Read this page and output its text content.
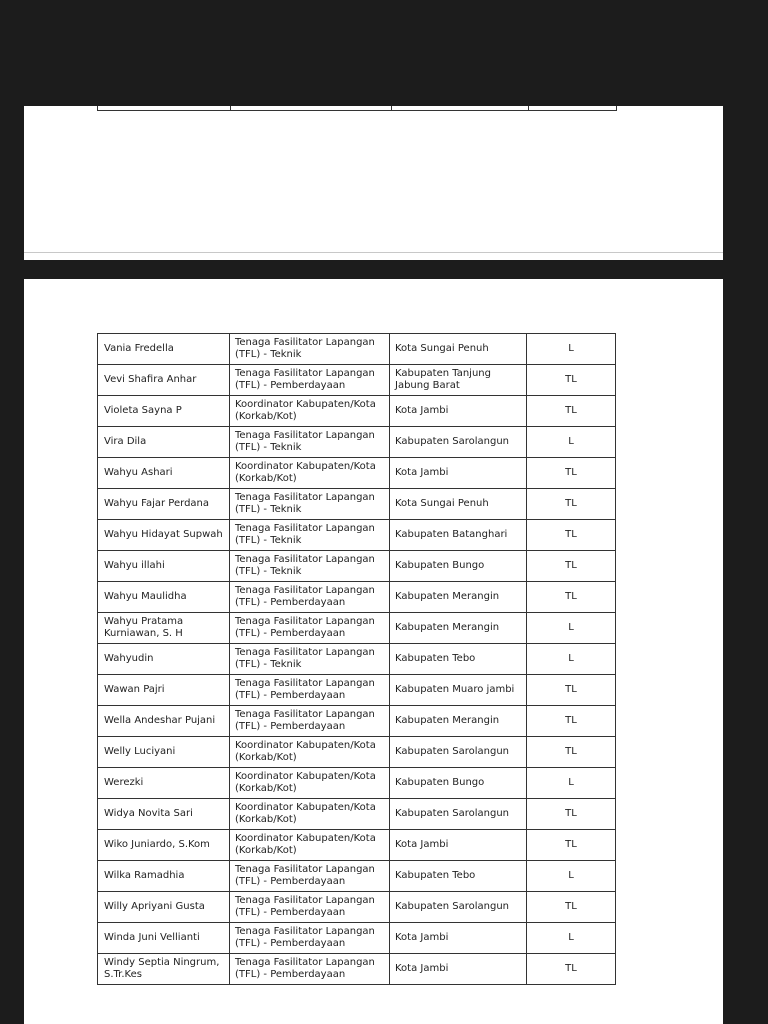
Vania Fredella	Tenaga Fasilitator Lapangan (TFL) - Teknik	Kota Sungai Penuh	L
Vevi Shafira Anhar	Tenaga Fasilitator Lapangan (TFL) - Pemberdayaan	Kabupaten Tanjung Jabung Barat	TL
Violeta Sayna P	Koordinator Kabupaten/Kota (Korkab/Kot)	Kota Jambi	TL
Vira Dila	Tenaga Fasilitator Lapangan (TFL) - Teknik	Kabupaten Sarolangun	L
Wahyu Ashari	Koordinator Kabupaten/Kota (Korkab/Kot)	Kota Jambi	TL
Wahyu Fajar Perdana	Tenaga Fasilitator Lapangan (TFL) - Teknik	Kota Sungai Penuh	TL
Wahyu Hidayat Supwah	Tenaga Fasilitator Lapangan (TFL) - Teknik	Kabupaten Batanghari	TL
Wahyu illahi	Tenaga Fasilitator Lapangan (TFL) - Teknik	Kabupaten Bungo	TL
Wahyu Maulidha	Tenaga Fasilitator Lapangan (TFL) - Pemberdayaan	Kabupaten Merangin	TL
Wahyu Pratama Kurniawan, S. H	Tenaga Fasilitator Lapangan (TFL) - Pemberdayaan	Kabupaten Merangin	L
Wahyudin	Tenaga Fasilitator Lapangan (TFL) - Teknik	Kabupaten Tebo	L
Wawan Pajri	Tenaga Fasilitator Lapangan (TFL) - Pemberdayaan	Kabupaten Muaro jambi	TL
Wella Andeshar Pujani	Tenaga Fasilitator Lapangan (TFL) - Pemberdayaan	Kabupaten Merangin	TL
Welly Luciyani	Koordinator Kabupaten/Kota (Korkab/Kot)	Kabupaten Sarolangun	TL
Werezki	Koordinator Kabupaten/Kota (Korkab/Kot)	Kabupaten Bungo	L
Widya Novita Sari	Koordinator Kabupaten/Kota (Korkab/Kot)	Kabupaten Sarolangun	TL
Wiko Juniardo, S.Kom	Koordinator Kabupaten/Kota (Korkab/Kot)	Kota Jambi	TL
Wilka Ramadhia	Tenaga Fasilitator Lapangan (TFL) - Pemberdayaan	Kabupaten Tebo	L
Willy Apriyani Gusta	Tenaga Fasilitator Lapangan (TFL) - Pemberdayaan	Kabupaten Sarolangun	TL
Winda Juni Vellianti	Tenaga Fasilitator Lapangan (TFL) - Pemberdayaan	Kota Jambi	L
Windy Septia Ningrum, S.Tr.Kes	Tenaga Fasilitator Lapangan (TFL) - Pemberdayaan	Kota Jambi	TL
